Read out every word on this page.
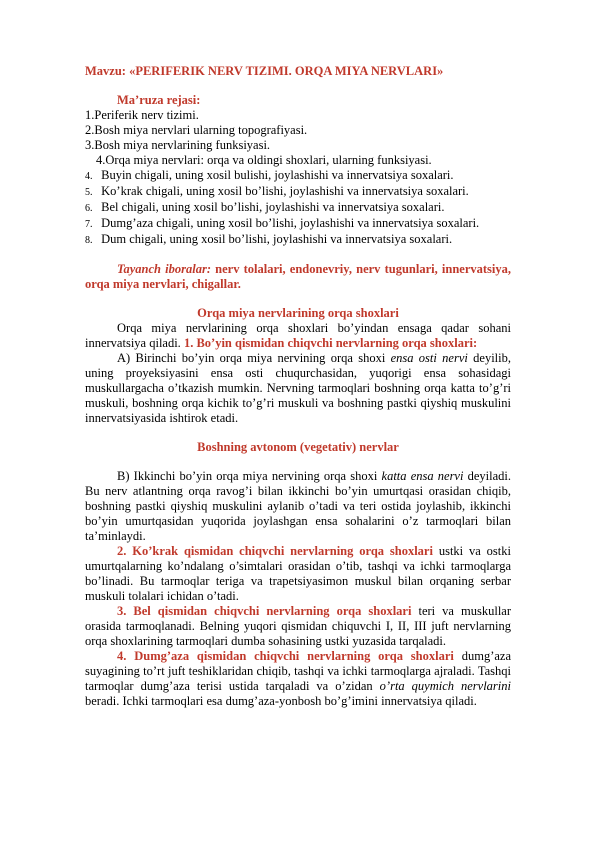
Mavzu: «PERIFERIK NERV TIZIMI. ORQA MIYA NERVLARI»

Ma’ruza rejasi:

1.Periferik nerv tizimi.
2.Bosh miya nervlari ularning topografiyasi.
3.Bosh miya nervlarining funksiyasi.
4.Orqa miya nervlari: orqa va oldingi shoxlari, ularning funksiyasi.
4. Buyin chigali, uning xosil bulishi, joylashishi va innervatsiya soxalari.
5. Ko’krak chigali, uning xosil bo’lishi, joylashishi va innervatsiya soxalari.
6. Bel chigali, uning xosil bo’lishi, joylashishi va innervatsiya soxalari.
7. Dumg’aza chigali, uning xosil bo’lishi, joylashishi va innervatsiya soxalari.
8. Dum chigali, uning xosil bo’lishi, joylashishi va innervatsiya soxalari.

Tayanch iboralar: nerv tolalari, endonevriy, nerv tugunlari, innervatsiya, orqa miya nervlari, chigallar.

Orqa miya nervlarining orqa shoxlari

Orqa miya nervlarining orqa shoxlari bo’yindan ensaga qadar sohani innervatsiya qiladi. 1. Bo’yin qismidan chiqvchi nervlarning orqa shoxlari:

A) Birinchi bo’yin orqa miya nervining orqa shoxi ensa osti nervi deyilib, uning proyeksiyasini ensa osti chuqurchasidan, yuqorigi ensa sohasidagi muskullargacha o’tkazish mumkin. Nervning tarmoqlari boshning orqa katta to’g’ri muskuli, boshning orqa kichik to’g’ri muskuli va boshning pastki qiyshiq muskulini innervatsiyasida ishtirok etadi.

Boshning avtonom (vegetativ) nervlar

B) Ikkinchi bo’yin orqa miya nervining orqa shoxi katta ensa nervi deyiladi. Bu nerv atlantning orqa ravog’i bilan ikkinchi bo’yin umurtqasi orasidan chiqib, boshning pastki qiyshiq muskulini aylanib o’tadi va teri ostida joylashib, ikkinchi bo’yin umurtqasidan yuqorida joylashgan ensa sohalarini o’z tarmoqlari bilan ta’minlaydi.

2. Ko’krak qismidan chiqvchi nervlarning orqa shoxlari ustki va ostki umurtqalarning ko’ndalang o’simtalari orasidan o’tib, tashqi va ichki tarmoqlarga bo’linadi. Bu tarmoqlar teriga va trapetsiyasimon muskul bilan orqaning serbar muskuli tolalari ichidan o’tadi.

3. Bel qismidan chiqvchi nervlarning orqa shoxlari teri va muskullar orasida tarmoqlanadi. Belning yuqori qismidan chiquvchi I, II, III juft nervlarning orqa shoxlarining tarmoqlari dumba sohasining ustki yuzasida tarqaladi.

4. Dumg’aza qismidan chiqvchi nervlarning orqa shoxlari dumg’aza suyagining to’rt juft teshiklaridan chiqib, tashqi va ichki tarmoqlarga ajraladi. Tashqi tarmoqlar dumg’aza terisi ustida tarqaladi va o’zidan o’rta quymich nervlarini beradi. Ichki tarmoqlari esa dumg’aza-yonbosh bo’g’imini innervatsiya qiladi.
